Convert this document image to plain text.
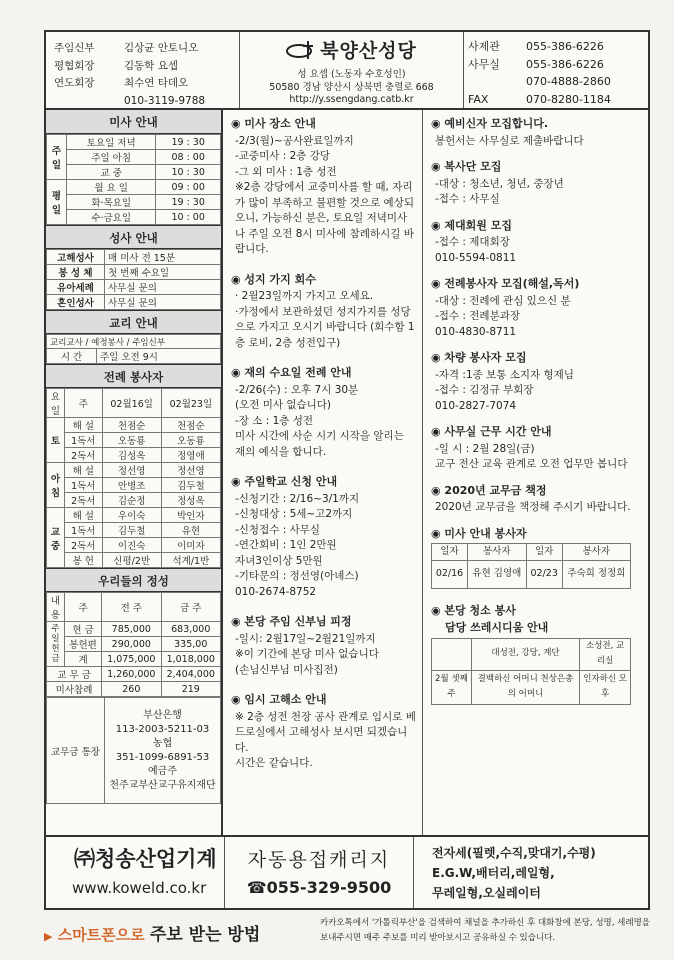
주임신부	김상균 안토니오
평협회장	김동학 요셉
연도회장	최수연 타데오
010-3119-9788
북양산성당
성 요셉 (노동자 수호성인)
50580 경남 양산시 상북면 충렬로 668
http://y.ssengdang.catb.kr
사제관	055-386-6226
사무실	055-386-6226
070-4888-2860
FAX	070-8280-1184
미사 안내
주일	토요일 저녁	19 : 30
	주일 아침	08 : 00
	교 중	10 : 30
평일	월 요 일	09 : 00
	화·목요일	19 : 30
	수·금요일	10 : 00
성사 안내
고해성사	매 미사 전 15분
봉 성 체	첫 번째 수요일
유아세례	사무실 문의
혼인성사	사무실 문의
교리 안내
교리교사 / 예정봉사 / 주임신부
시 간	주일 오전 9시
전례 봉사자
요일	주	02월16일	02월23일
토	해 설	천점순	천점순
	1독서	오동룡	오동룡
	2독서	김성옥	정영애
아침	해 설	정선영	정선영
	1독서	안병조	김두철
	2독서	김순정	정성옥
교중	해 설	우이숙	박인자
	1독서	김두철	유현
	2독서	이진숙	이미자
	봉 헌	신평/2반	석계/1반
우리들의 정성
내용	주	전 주	금 주
주일헌금	현 금	785,000	683,000
	봉헌편	290,000	335,00
	계	1,075,000	1,018,000
교 무 금		1,260,000	2,404,000
미사참례		260	219
교무금 통장	
부산은행
113-2003-5211-03
농협
351-1099-6891-53
예금주
천주교부산교구유지재단
◉ 미사 장소 안내
-2/3(월)~공사완료일까지
-교중미사 : 2층 강당
-그 외 미사 : 1층 성전
※2층 강당에서 교중미사를 할 때, 자리가 많이 부족하고 불편할 것으로 예상되오니, 가능하신 분은, 토요일 저녁미사나 주일 오전 8시 미사에 참례하시길 바랍니다.
◉ 성지 가지 회수
· 2월23일까지 가지고 오세요.
·가정에서 보관하셨던 성지가지를 성당으로 가지고 오시기 바랍니다 (회수함 1층 로비, 2층 성전입구)
◉ 재의 수요일 전례 안내
-2/26(수) : 오후 7시 30분
(오전 미사 없습니다)
-장 소 : 1층 성전
미사 시간에 사순 시기 시작을 알리는 재의 예식을 합니다.
◉ 주일학교 신청 안내
-신청기간 : 2/16~3/1까지
-신청대상 : 5세~고2까지
-신청접수 : 사무실
-연간회비 : 1인 2만원
자녀3인이상 5만원
-기타문의 : 정선영(아녜스)
010-2674-8752
◉ 본당 주임 신부님 피정
-일시: 2월17일~2월21일까지
※이 기간에 본당 미사 없습니다
(손님신부님 미사집전)
◉ 임시 고해소 안내
※ 2층 성전 천장 공사 관계로 임시로 베드로실에서 고해성사 보시면 되겠습니다.
시간은 같습니다.
◉ 예비신자 모집합니다.
봉헌서는 사무실로 제출바랍니다
◉ 복사단 모집
-대상 : 청소년, 청년, 중장년
-접수 : 사무실
◉ 제대회원 모집
-접수 : 제대회장
010-5594-0811
◉ 전례봉사자 모집(해설,독서)
-대상 : 전례에 관심 있으신 분
-접수 : 전례분과장
010-4830-8711
◉ 차량 봉사자 모집
-자격 :1종 보통 소지자 형제님
-접수 : 김정규 부회장
010-2827-7074
◉ 사무실 근무 시간 안내
-일 시 : 2월 28일(금)
교구 전산 교육 관계로 오전 업무만 봅니다
◉ 2020년 교무금 책정
2020년 교무금을 책정해 주시기 바랍니다.
◉ 미사 안내 봉사자
일자	봉사자	일자	봉사자
02/16	유현 김영애	02/23	주숙희 정정희
◉ 본당 청소 봉사
담당 쓰레시디움 안내
	대성전, 강당, 계단	소성전, 교리실
2월 셋째주	결백하신 어머니 천상은총의 어머니	인자하신 모후
㈜청송산업기계
www.koweld.co.kr
자동용접캐리지
☎055-329-9500
전자세(필렛,수직,맞대기,수평)
E.G.W,배터리,레일형,
무레일형,오실레이터
▶ 스마트폰으로 주보 받는 방법
카카오톡에서 '가톨릭부산'을 검색하여 채널을 추가하신 후 대화창에 본당, 성명, 세례명을 보내주시면 매주 주보를 미리 받아보시고 공유하실 수 있습니다.
